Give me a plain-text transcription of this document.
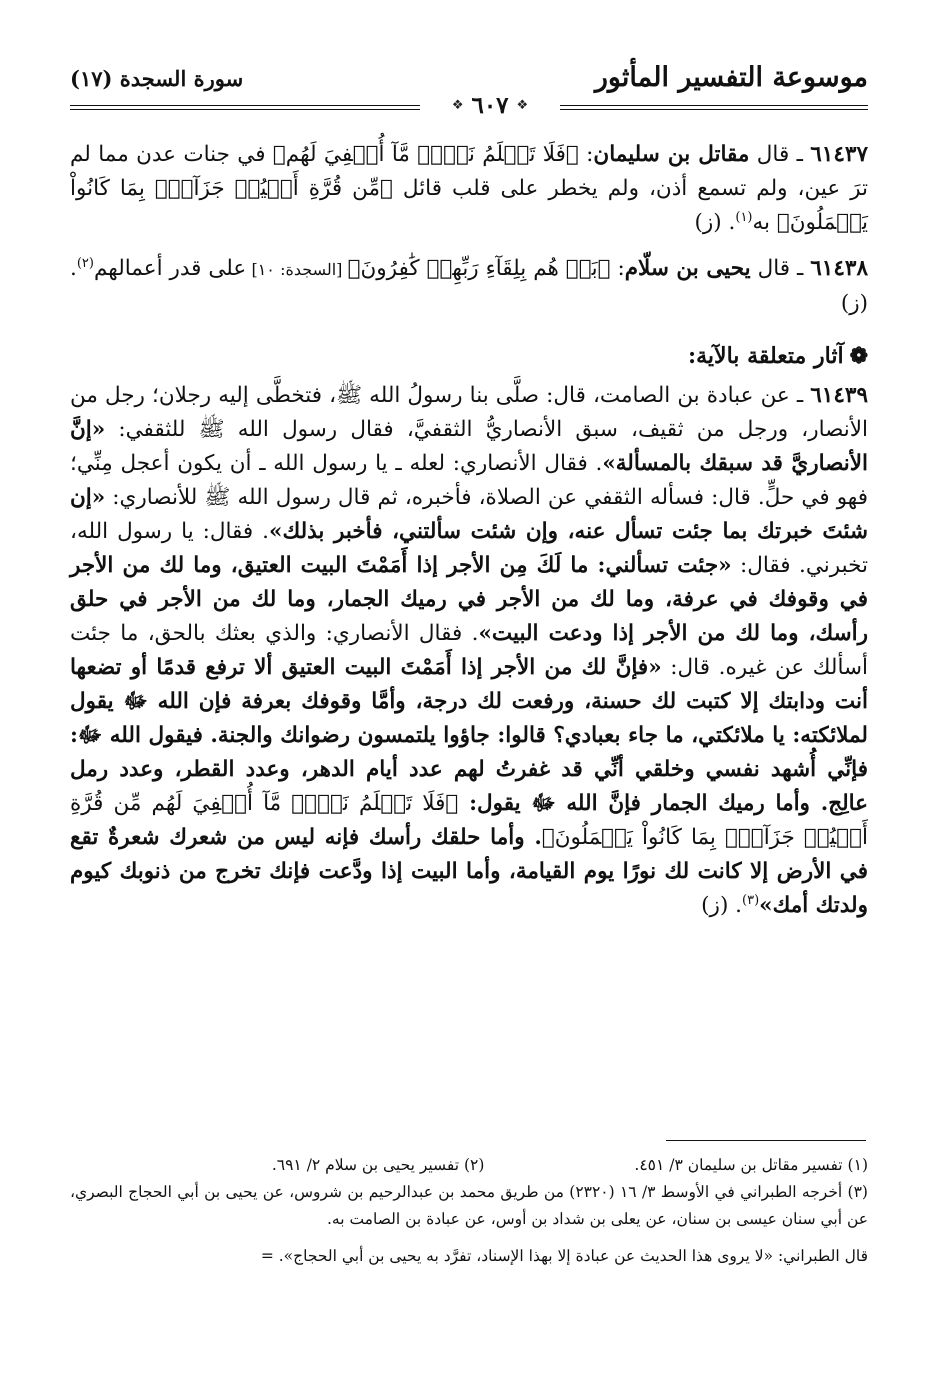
موسوعة التفسير المأثور
سورة السجدة (١٧)
❖
٦٠٧
❖

٦١٤٣٧ ـ قال مقاتل بن سليمان: ﴿فَلَا تَعۡلَمُ نَفۡسٞ مَّآ أُخۡفِيَ لَهُم﴾ في جنات عدن مما لم ترَ عين، ولم تسمع أذن، ولم يخطر على قلب قائل ﴿مِّن قُرَّةِ أَعۡيُنٖ جَزَآءَۢ بِمَا كَانُواْ يَعۡمَلُونَ﴾ به$^{(١)}$. (ز)

٦١٤٣٨ ـ قال يحيى بن سلّام: ﴿بَلۡ هُم بِلِقَآءِ رَبِّهِمۡ كَٰفِرُونَ﴾ [السجدة: ١٠] على قدر أعمالهم$^{(٢)}$. (ز)

❁
آثار متعلقة بالآية:

٦١٤٣٩ ـ عن عبادة بن الصامت، قال: صلَّى بنا رسولُ الله ﷺ، فتخطَّى إليه رجلان؛ رجل من الأنصار، ورجل من ثقيف، سبق الأنصاريُّ الثقفيَّ، فقال رسول الله ﷺ للثقفي: «إنَّ الأنصاريَّ قد سبقك بالمسألة». فقال الأنصاري: لعله ـ يا رسول الله ـ أن يكون أعجل مِنِّي؛ فهو في حلٍّ. قال: فسأله الثقفي عن الصلاة، فأخبره، ثم قال رسول الله ﷺ للأنصاري: «إن شئتَ خبرتك بما جئت تسأل عنه، وإن شئت سألتني، فأخبر بذلك». فقال: يا رسول الله، تخبرني. فقال: «جئت تسألني: ما لَكَ مِن الأجر إذا أَمَمْتَ البيت العتيق، وما لك من الأجر في وقوفك في عرفة، وما لك من الأجر في رميك الجمار، وما لك من الأجر في حلق رأسك، وما لك من الأجر إذا ودعت البيت». فقال الأنصاري: والذي بعثك بالحق، ما جئت أسألك عن غيره. قال: «فإنَّ لك من الأجر إذا أَمَمْتَ البيت العتيق ألا ترفع قدمًا أو تضعها أنت ودابتك إلا كتبت لك حسنة، ورفعت لك درجة، وأمَّا وقوفك بعرفة فإن الله ﷻ يقول لملائكته: يا ملائكتي، ما جاء بعبادي؟ قالوا: جاؤوا يلتمسون رضوانك والجنة. فيقول الله ﷻ: فإنِّي أُشهد نفسي وخلقي أنِّي قد غفرتُ لهم عدد أيام الدهر، وعدد القطر، وعدد رمل عالِج. وأما رميك الجمار فإنَّ الله ﷻ يقول: ﴿فَلَا تَعۡلَمُ نَفۡسٞ مَّآ أُخۡفِيَ لَهُم مِّن قُرَّةِ أَعۡيُنٖ جَزَآءَۢ بِمَا كَانُواْ يَعۡمَلُونَ﴾. وأما حلقك رأسك فإنه ليس من شعرك شعرةٌ تقع في الأرض إلا كانت لك نورًا يوم القيامة، وأما البيت إذا ودَّعت فإنك تخرج من ذنوبك كيوم ولدتك أمك»$^{(٣)}$. (ز)

(١) تفسير مقاتل بن سليمان ٣/ ٤٥١.
(٢) تفسير يحيى بن سلام ٢/ ٦٩١.

(٣) أخرجه الطبراني في الأوسط ٣/ ١٦ (٢٣٢٠) من طريق محمد بن عبدالرحيم بن شروس، عن يحيى بن أبي الحجاج البصري، عن أبي سنان عيسى بن سنان، عن يعلى بن شداد بن أوس، عن عبادة بن الصامت به.

قال الطبراني: «لا يروى هذا الحديث عن عبادة إلا بهذا الإسناد، تفرَّد به يحيى بن أبي الحجاج». =
